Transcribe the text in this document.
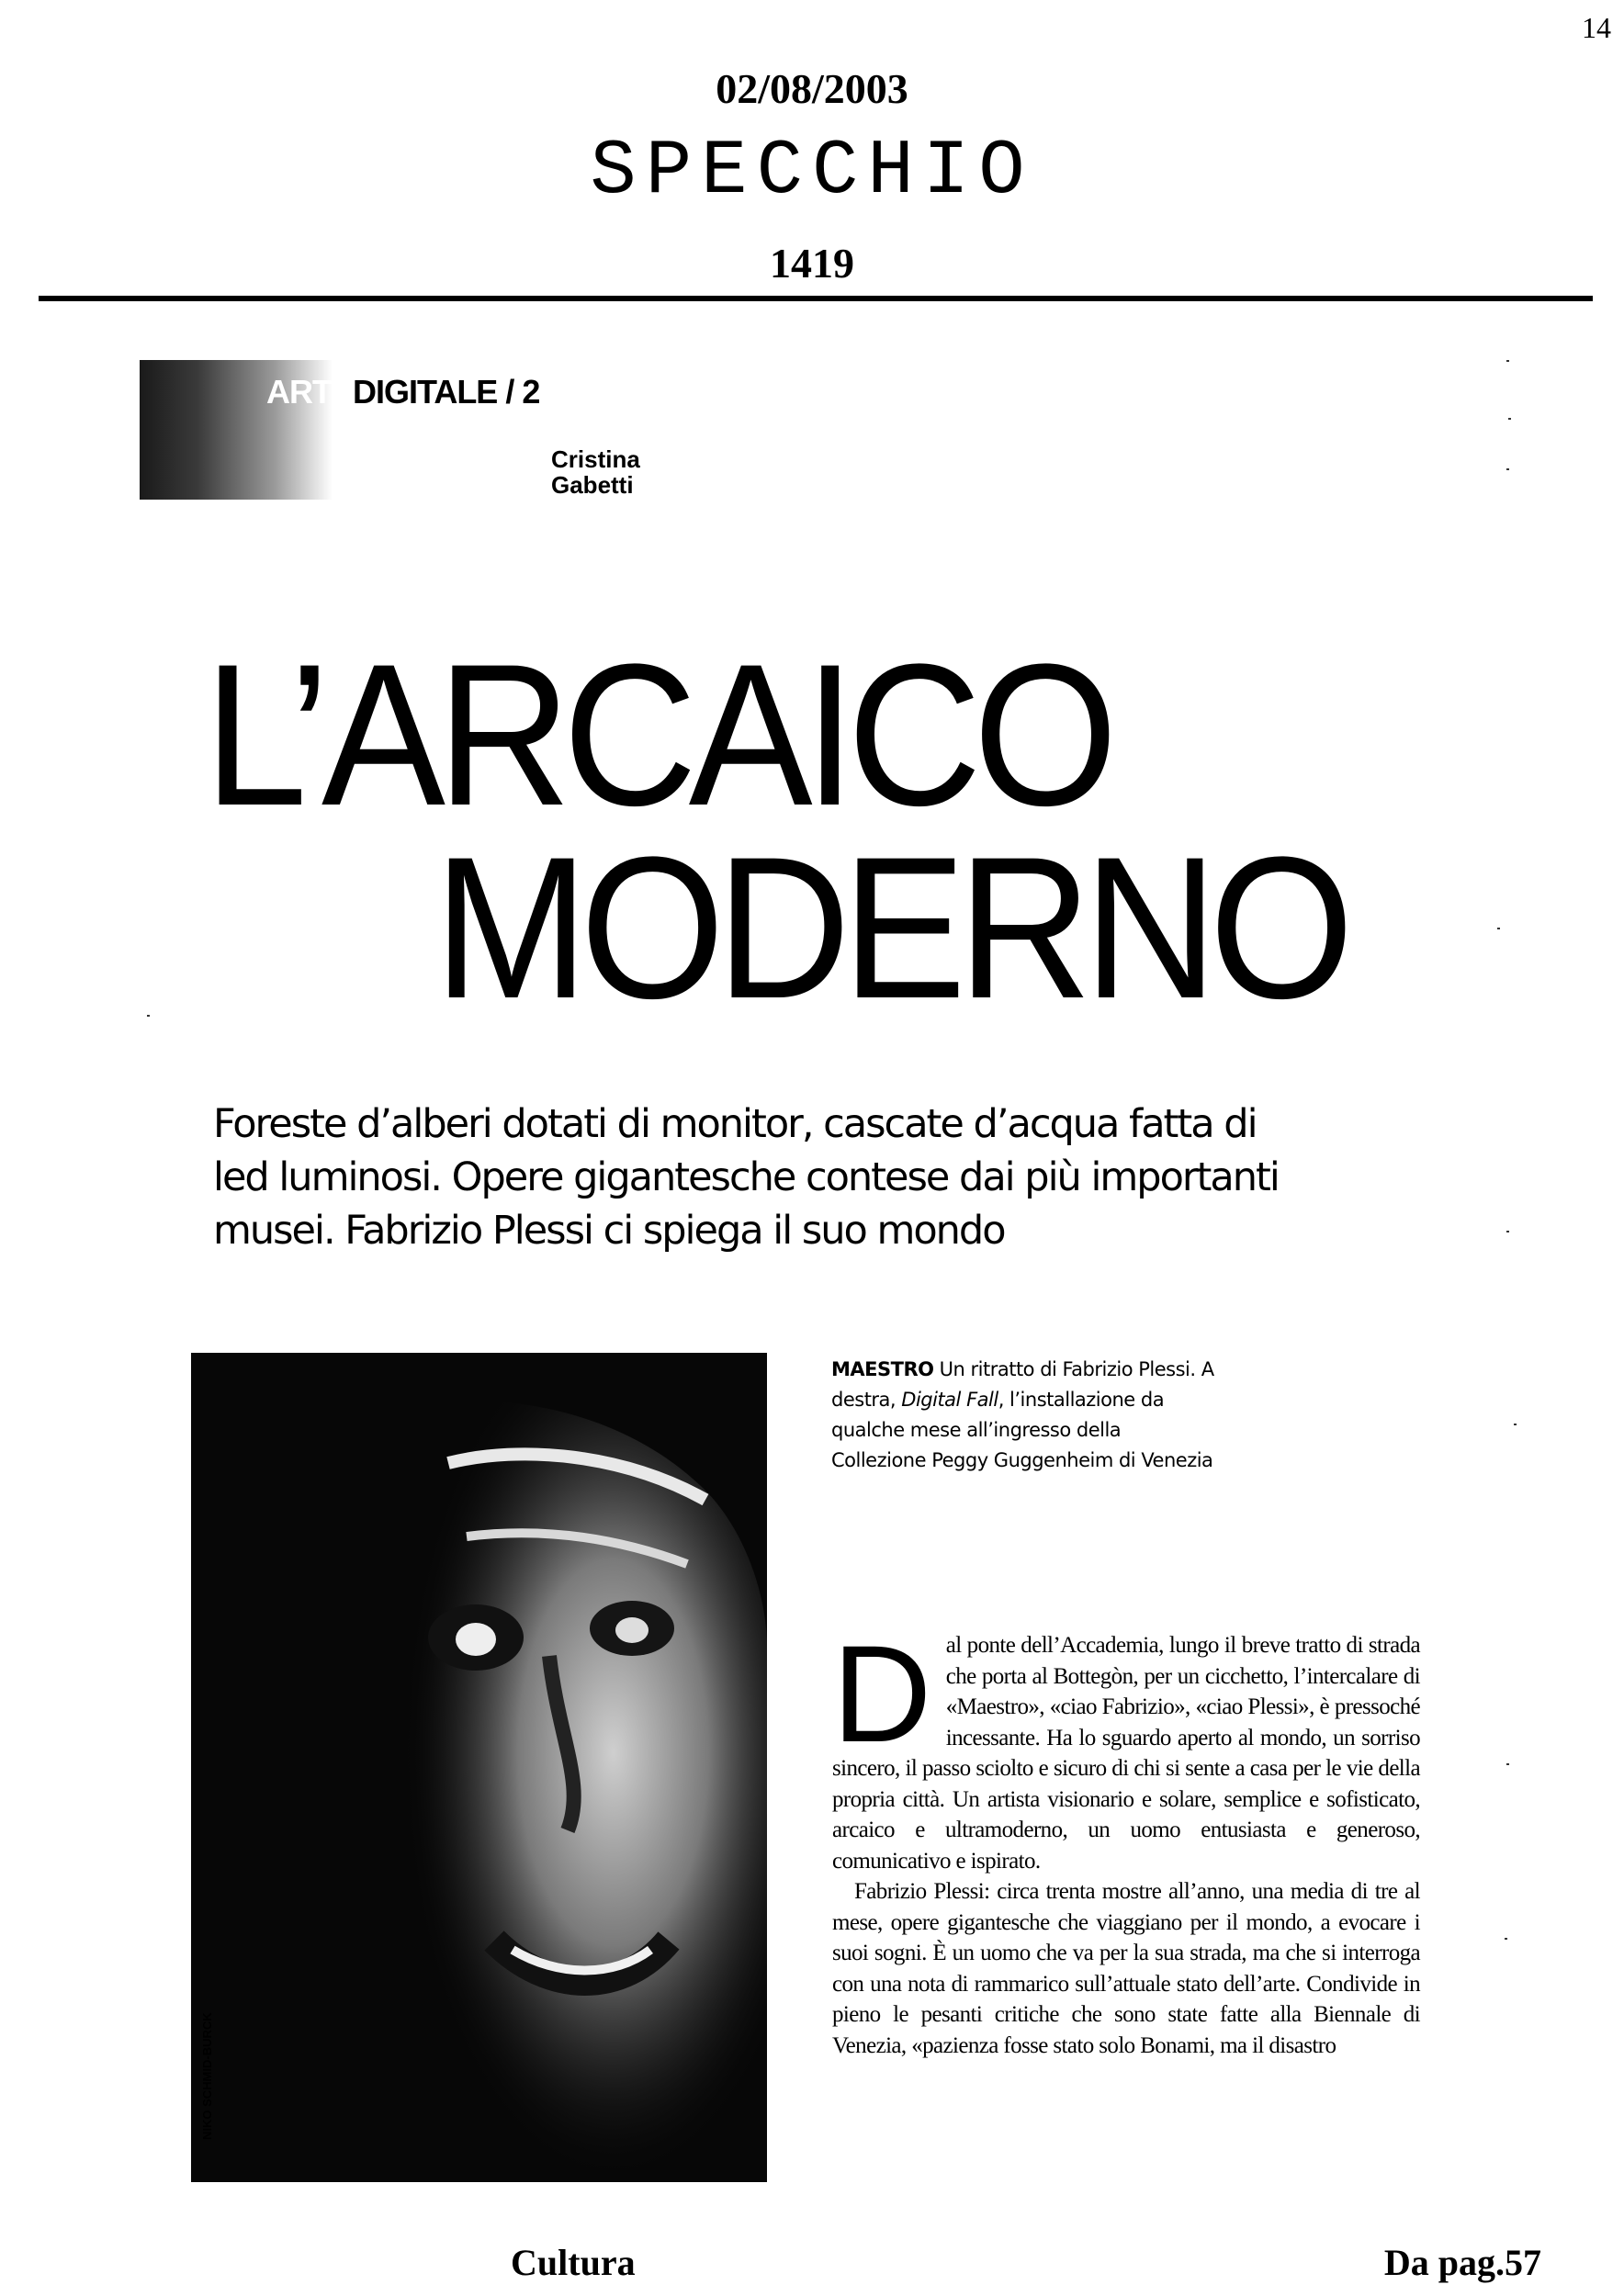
14
02/08/2003
SPECCHIO
1419
ARTEDIGITALE / 2
Cristina
Gabetti
L’ARCAICO
MODERNO

Foreste d’alberi dotati di monitor, cascate d’acqua fatta di led luminosi. Opere gigantesche contese dai più importanti musei. Fabrizio Plessi ci spiega il suo mondo

NIKO SCHMID-BURCK
MAESTRO Un ritratto di Fabrizio Plessi. A destra, Digital Fall, l’installazione da qualche mese all’ingresso della Collezione Peggy Guggenheim di Venezia
D al ponte dell’Accademia, lungo il breve tratto di strada che porta al Bottegòn, per un cicchetto, l’intercalare di «Maestro», «ciao Fabrizio», «ciao Plessi», è pressoché incessante. Ha lo sguardo aperto al mondo, un sorriso sincero, il passo sciolto e sicuro di chi si sente a casa per le vie della propria città. Un artista visionario e solare, semplice e sofisticato, arcaico e ultramoderno, un uomo entusiasta e generoso, comunicativo e ispirato.

Fabrizio Plessi: circa trenta mostre all’anno, una media di tre al mese, opere gigantesche che viaggiano per il mondo, a evocare i suoi sogni. È un uomo che va per la sua strada, ma che si interroga con una nota di rammarico sull’attuale stato dell’arte. Condivide in pieno le pesanti critiche che sono state fatte alla Biennale di Venezia, «pazienza fosse stato solo Bonami, ma il disastro

Cultura	Da pag.57
